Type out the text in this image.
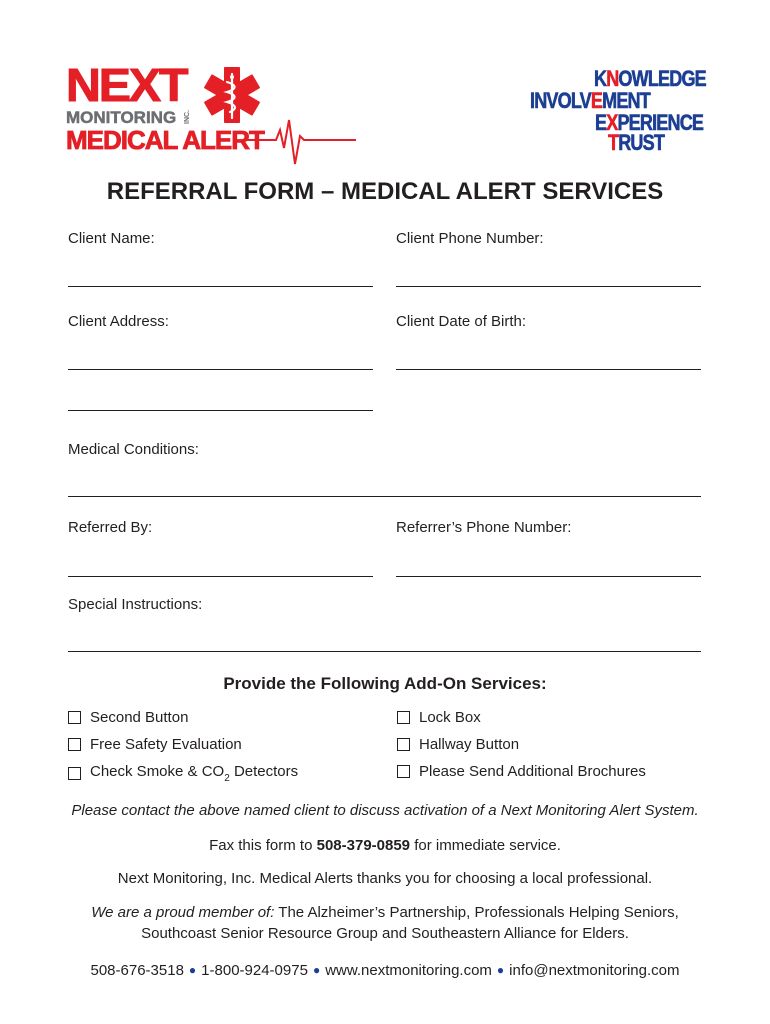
NEXT
MONITORING INC.
MEDICAL ALERT
KNOWLEDGE
INVOLVEMENT
EXPERIENCE
TRUST
REFERRAL FORM – MEDICAL ALERT SERVICES
Client Name:	Client Phone Number:
Client Address:	Client Date of Birth:
Medical Conditions:
Referred By:	Referrer’s Phone Number:
Special Instructions:
Provide the Following Add-On Services:
Second Button
Free Safety Evaluation
Check Smoke & $CO_2$ Detectors
Lock Box
Hallway Button
Please Send Additional Brochures
Please contact the above named client to discuss activation of a Next Monitoring Alert System.
Fax this form to 508-379-0859 for immediate service.
Next Monitoring, Inc. Medical Alerts thanks you for choosing a local professional.
We are a proud member of: The Alzheimer’s Partnership, Professionals Helping Seniors,
Southcoast Senior Resource Group and Southeastern Alliance for Elders.
508-676-3518 ● 1-800-924-0975 ● www.nextmonitoring.com ● info@nextmonitoring.com
